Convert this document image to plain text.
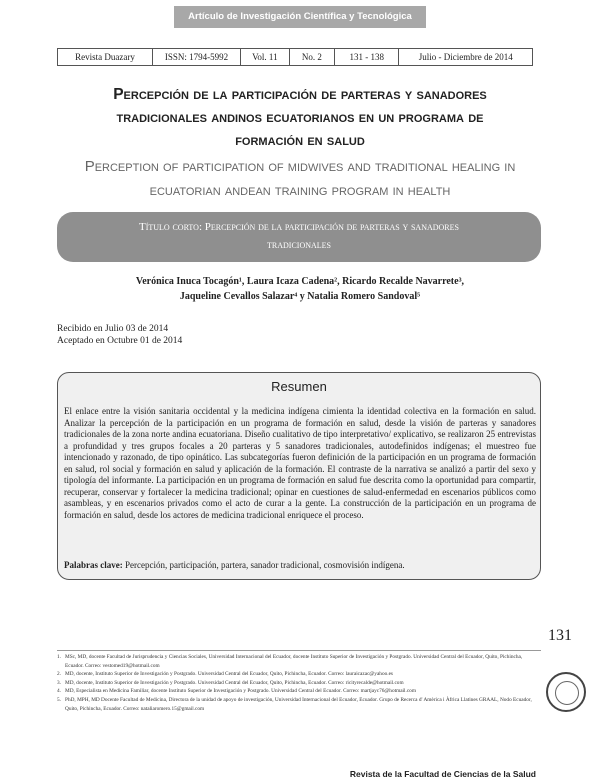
Artículo de Investigación Científica y Tecnológica
Revista Duazary	ISSN: 1794-5992	Vol. 11	No. 2	131 - 138	Julio - Diciembre de 2014
Percepción de la participación de parteras y sanadores
tradicionales andinos ecuatorianos en un programa de
formación en salud
Perception of participation of midwives and traditional healing in
ecuatorian andean training program in health
Título corto: Percepción de la participación de parteras y sanadores
tradicionales
Verónica Inuca Tocagón¹, Laura Icaza Cadena², Ricardo Recalde Navarrete³,
Jaqueline Cevallos Salazar⁴ y Natalia Romero Sandoval⁵
Recibido en Julio 03 de 2014
Aceptado en Octubre 01 de 2014
Resumen
El enlace entre la visión sanitaria occidental y la medicina indígena cimienta la identidad colectiva en la formación en salud. Analizar la percepción de la participación en un programa de formación en salud, desde la visión de parteras y sanadores tradicionales de la zona norte andina ecuatoriana. Diseño cualitativo de tipo interpretativo/ explicativo, se realizaron 25 entrevistas a profundidad y tres grupos focales a 20 parteras y 5 sanadores tradicionales, autodefinidos indígenas; el muestreo fue intencionado y razonado, de tipo opinático. Las subcategorías fueron definición de la participación en un programa de formación en salud, rol social y formación en salud y aplicación de la formación. El contraste de la narrativa se analizó a partir del sexo y tipología del informante. La participación en un programa de formación en salud fue descrita como la oportunidad para compartir, recuperar, conservar y fortalecer la medicina tradicional; opinar en cuestiones de salud-enfermedad en escenarios públicos como asambleas, y en escenarios privados como el acto de curar a la gente. La construcción de la participación en un programa de formación en salud, desde los actores de medicina tradicional enriquece el proceso.
Palabras clave: Percepción, participación, partera, sanador tradicional, cosmovisión indígena.
131
1. MSc, MD, docente Facultad de Jurisprudencia y Ciencias Sociales, Universidad Internacional del Ecuador, docente Instituto Superior de Investigación y Postgrado. Universidad Central del Ecuador, Quito, Pichincha, Ecuador. Correo: vestomed19@hotmail.com
2. MD, docente, Instituto Superior de Investigación y Postgrado. Universidad Central del Ecuador, Quito, Pichincha, Ecuador. Correo: lauraicazac@yahoo.es
3. MD, docente, Instituto Superior de Investigación y Postgrado. Universidad Central del Ecuador, Quito, Pichincha, Ecuador. Correo: ricityrecalde@hotmail.com
4. MD, Especialista en Medicina Familiar, docente Instituto Superior de Investigación y Postgrado. Universidad Central del Ecuador. Correo: martjayc76@hotmail.com
5. PhD, MPH, MD Docente Facultad de Medicina, Directora de la unidad de apoyo de investigación, Universidad Internacional del Ecuador, Ecuador. Grupo de Recerca d' Amèrica i Àfrica Llatines GRAAL, Nodo Ecuador, Quito, Pichincha, Ecuador. Correo: nataliaromero.15@gmail.com
Revista de la Facultad de Ciencias de la Salud
